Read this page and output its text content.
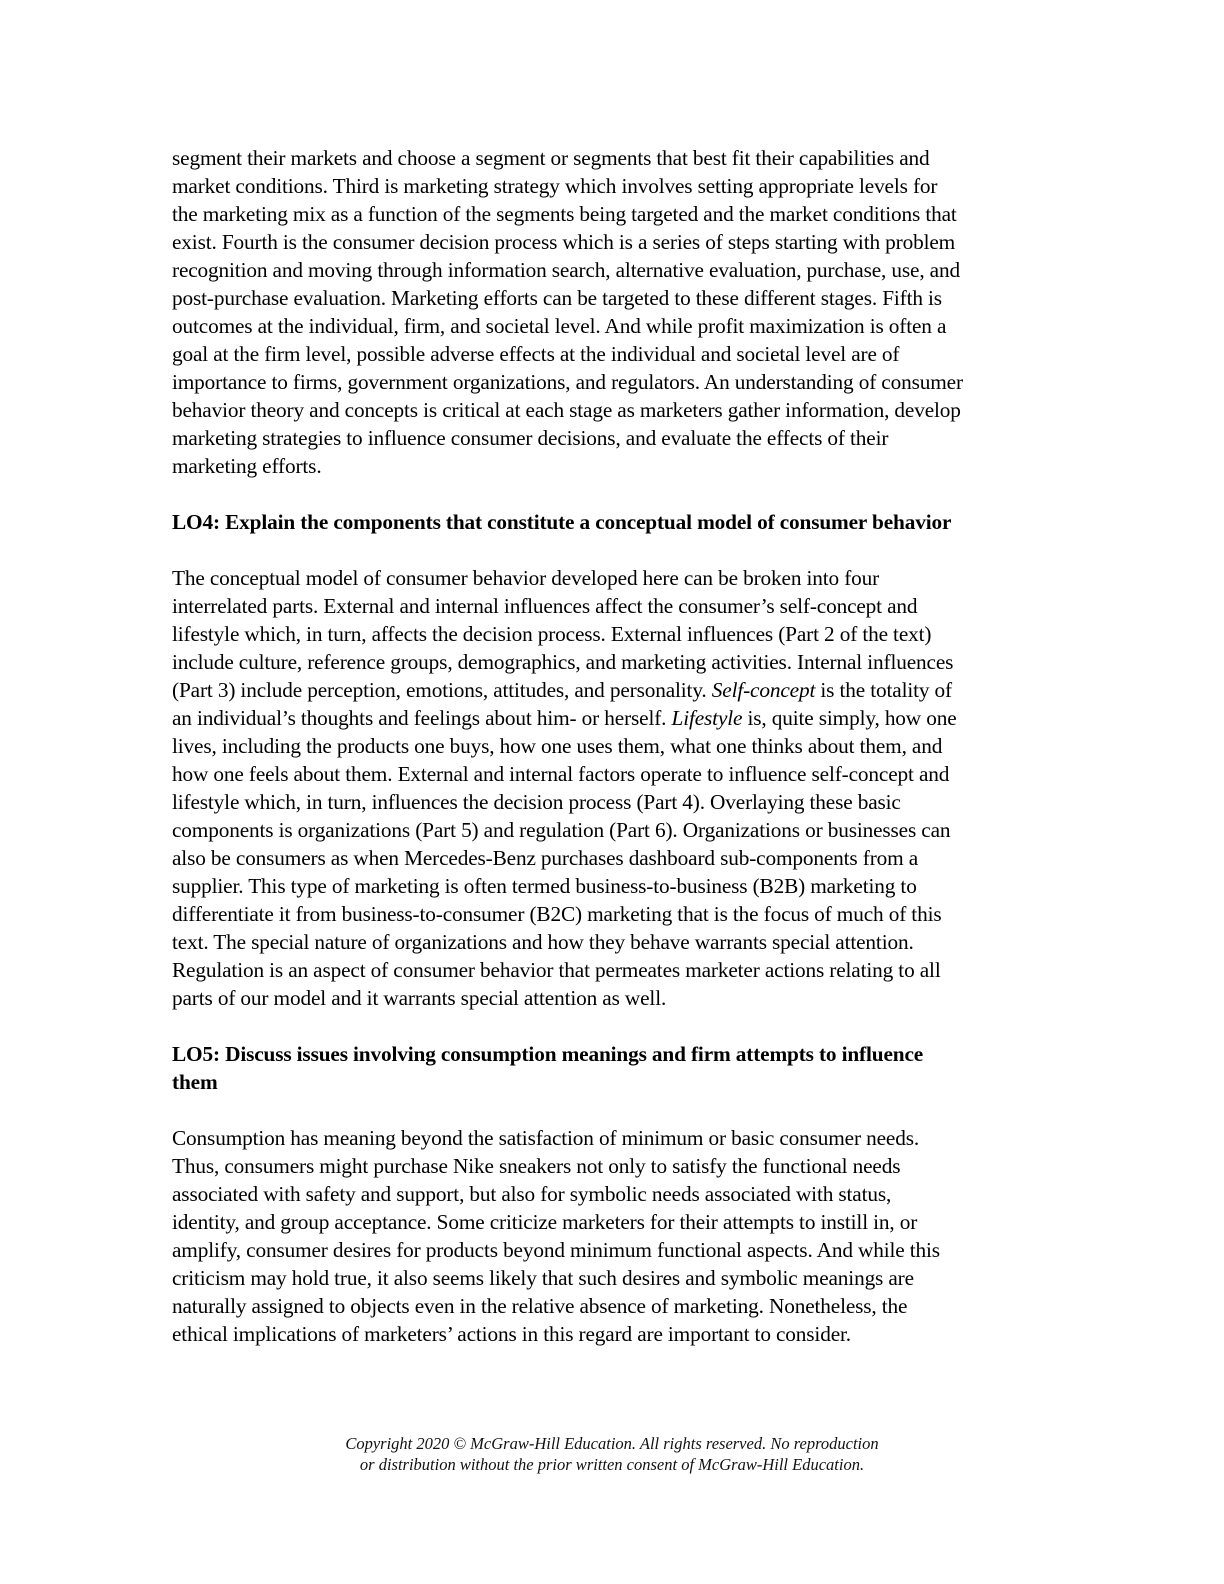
segment their markets and choose a segment or segments that best fit their capabilities and
market conditions. Third is marketing strategy which involves setting appropriate levels for
the marketing mix as a function of the segments being targeted and the market conditions that
exist. Fourth is the consumer decision process which is a series of steps starting with problem
recognition and moving through information search, alternative evaluation, purchase, use, and
post-purchase evaluation. Marketing efforts can be targeted to these different stages. Fifth is
outcomes at the individual, firm, and societal level. And while profit maximization is often a
goal at the firm level, possible adverse effects at the individual and societal level are of
importance to firms, government organizations, and regulators. An understanding of consumer
behavior theory and concepts is critical at each stage as marketers gather information, develop
marketing strategies to influence consumer decisions, and evaluate the effects of their
marketing efforts.
LO4: Explain the components that constitute a conceptual model of consumer behavior
The conceptual model of consumer behavior developed here can be broken into four
interrelated parts. External and internal influences affect the consumer’s self-concept and
lifestyle which, in turn, affects the decision process. External influences (Part 2 of the text)
include culture, reference groups, demographics, and marketing activities. Internal influences
(Part 3) include perception, emotions, attitudes, and personality. Self-concept is the totality of
an individual’s thoughts and feelings about him- or herself. Lifestyle is, quite simply, how one
lives, including the products one buys, how one uses them, what one thinks about them, and
how one feels about them. External and internal factors operate to influence self-concept and
lifestyle which, in turn, influences the decision process (Part 4). Overlaying these basic
components is organizations (Part 5) and regulation (Part 6). Organizations or businesses can
also be consumers as when Mercedes-Benz purchases dashboard sub-components from a
supplier. This type of marketing is often termed business-to-business (B2B) marketing to
differentiate it from business-to-consumer (B2C) marketing that is the focus of much of this
text. The special nature of organizations and how they behave warrants special attention.
Regulation is an aspect of consumer behavior that permeates marketer actions relating to all
parts of our model and it warrants special attention as well.
LO5: Discuss issues involving consumption meanings and firm attempts to influence
them
Consumption has meaning beyond the satisfaction of minimum or basic consumer needs.
Thus, consumers might purchase Nike sneakers not only to satisfy the functional needs
associated with safety and support, but also for symbolic needs associated with status,
identity, and group acceptance. Some criticize marketers for their attempts to instill in, or
amplify, consumer desires for products beyond minimum functional aspects. And while this
criticism may hold true, it also seems likely that such desires and symbolic meanings are
naturally assigned to objects even in the relative absence of marketing. Nonetheless, the
ethical implications of marketers’ actions in this regard are important to consider.
Copyright 2020 © McGraw-Hill Education. All rights reserved. No reproduction
or distribution without the prior written consent of McGraw-Hill Education.
